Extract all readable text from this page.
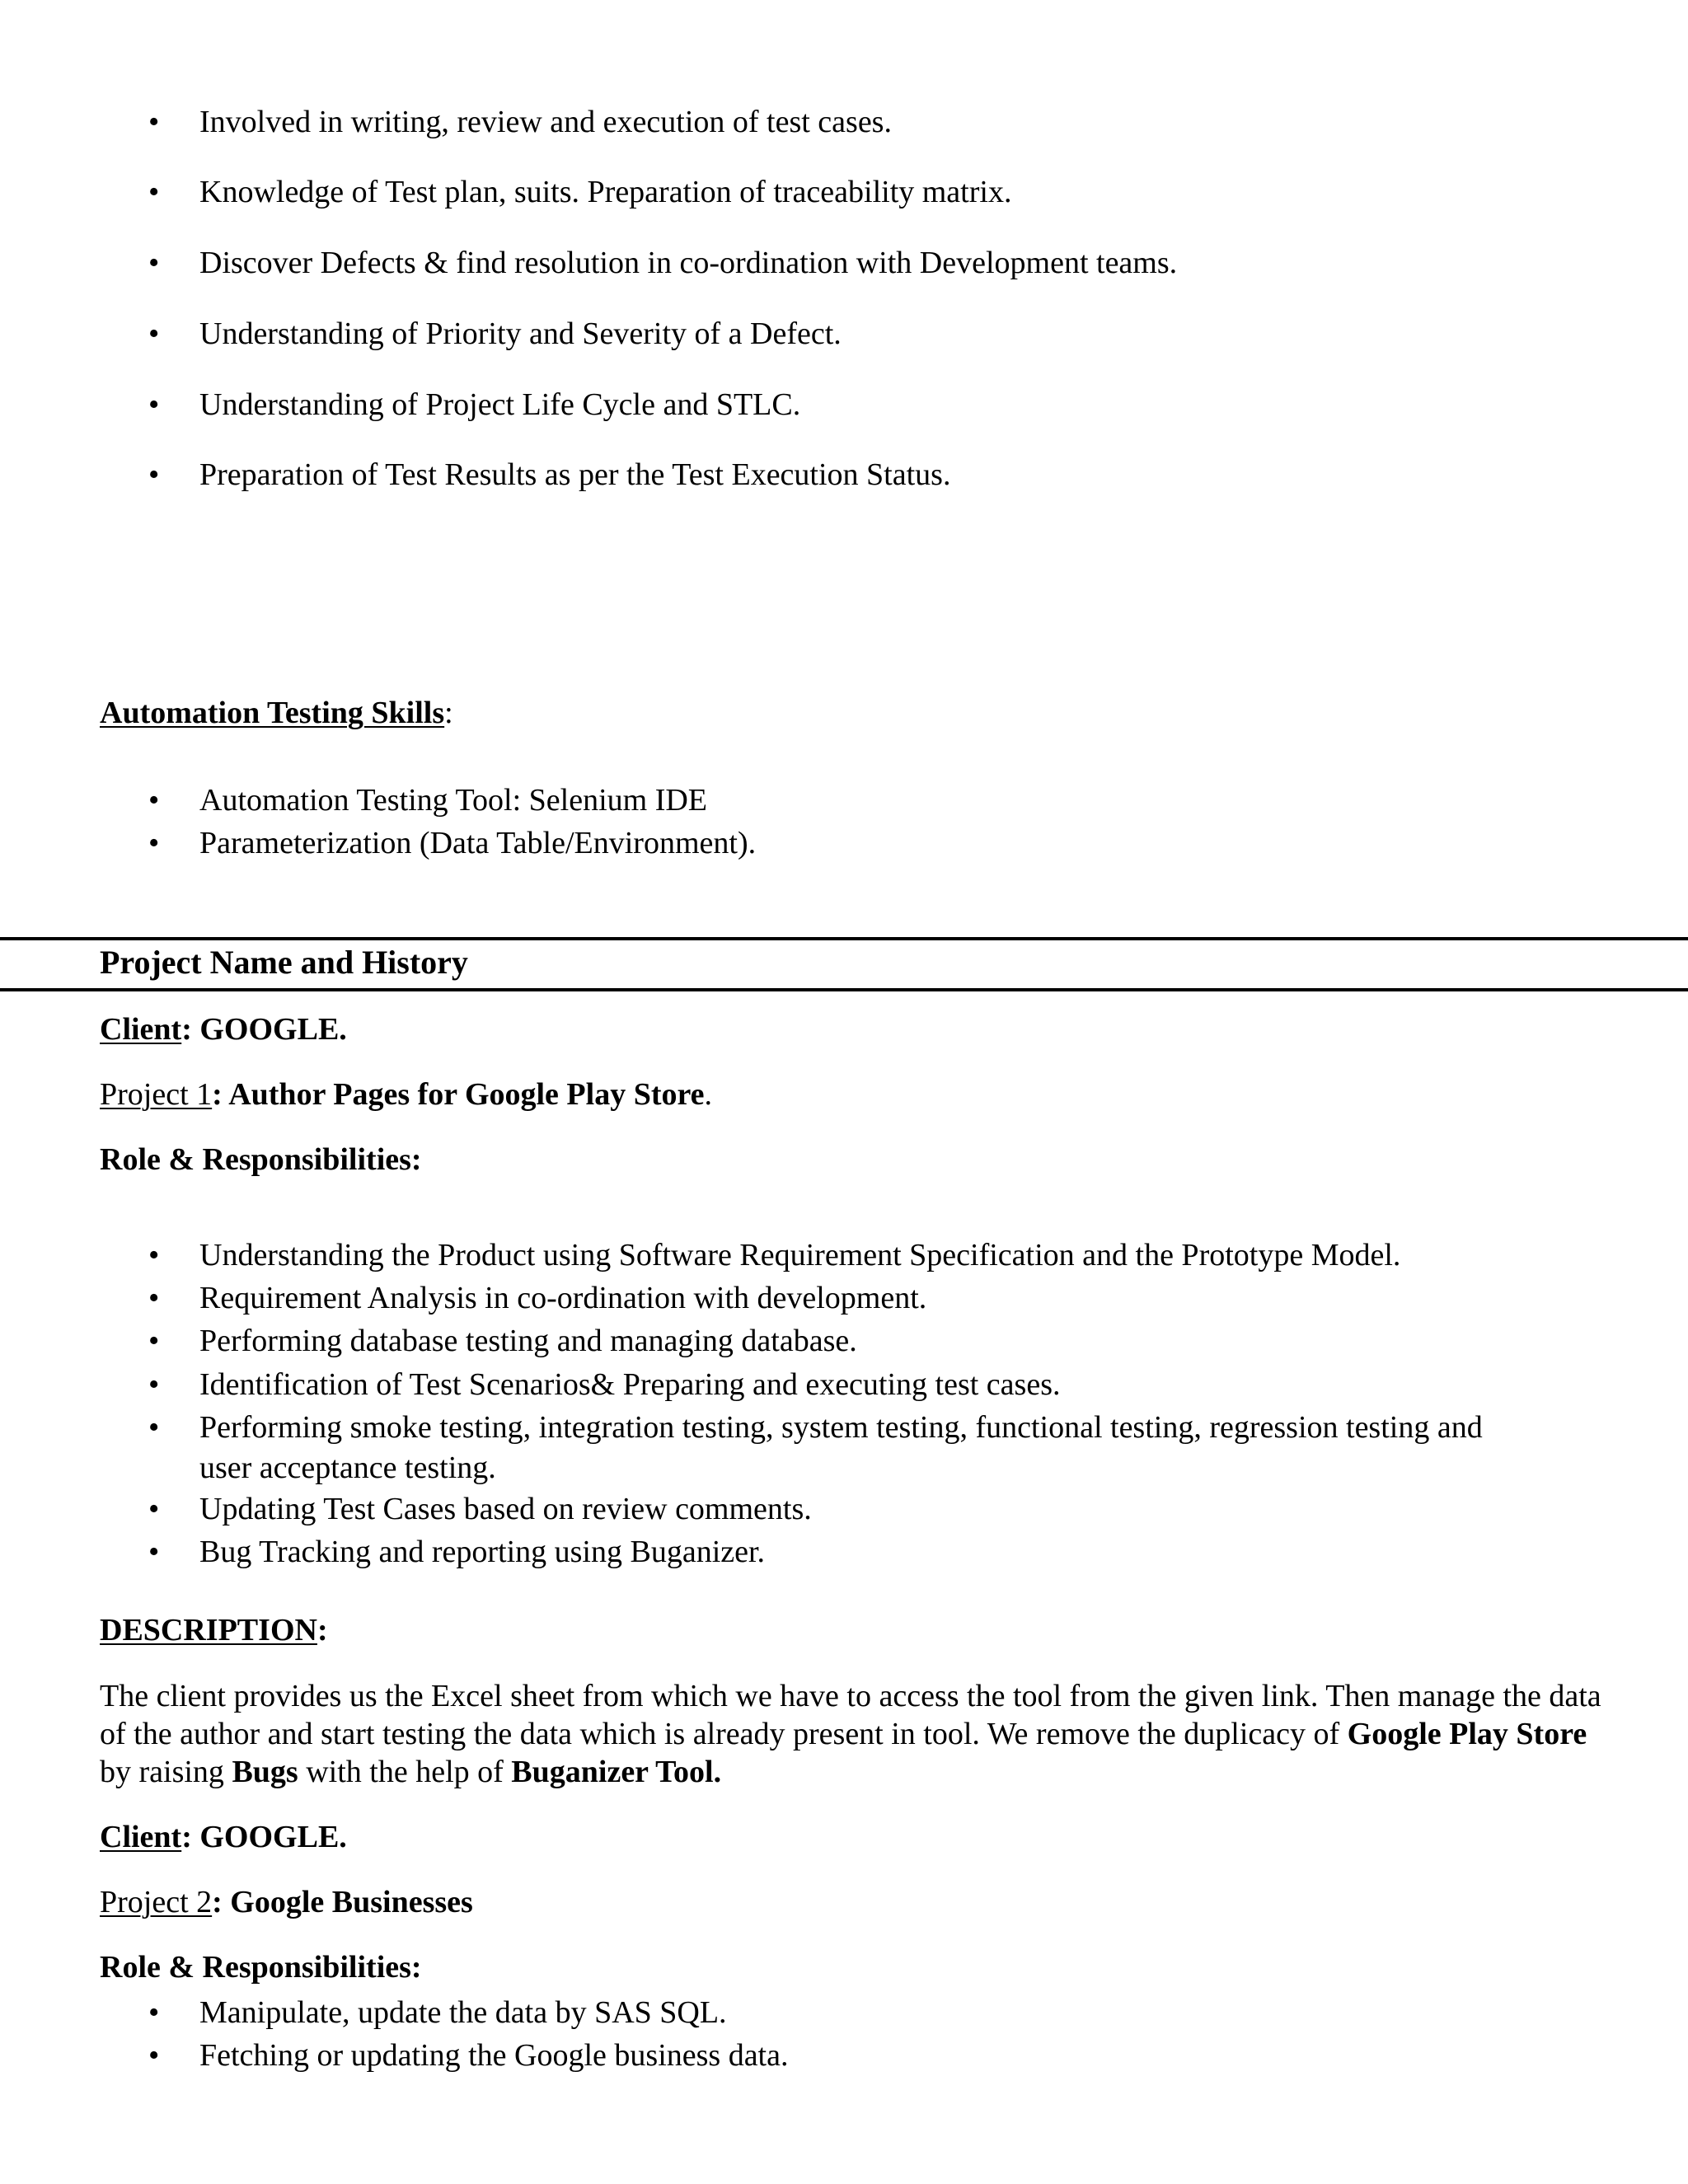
• Involved in writing, review and execution of test cases.
• Knowledge of Test plan, suits. Preparation of traceability matrix.
• Discover Defects & find resolution in co-ordination with Development teams.
• Understanding of Priority and Severity of a Defect.
• Understanding of Project Life Cycle and STLC.
• Preparation of Test Results as per the Test Execution Status.
Automation Testing Skills:
• Automation Testing Tool: Selenium IDE
• Parameterization (Data Table/Environment).
Project Name and History
Client: GOOGLE.
Project 1: Author Pages for Google Play Store.
Role & Responsibilities:
• Understanding the Product using Software Requirement Specification and the Prototype Model.
• Requirement Analysis in co-ordination with development.
• Performing database testing and managing database.
• Identification of Test Scenarios& Preparing and executing test cases.
• Performing smoke testing, integration testing, system testing, functional testing, regression testing and
user acceptance testing.
• Updating Test Cases based on review comments.
• Bug Tracking and reporting using Buganizer.
DESCRIPTION:
The client provides us the Excel sheet from which we have to access the tool from the given link. Then manage the data of the author and start testing the data which is already present in tool. We remove the duplicacy of Google Play Store by raising Bugs with the help of Buganizer Tool.
Client: GOOGLE.
Project 2: Google Businesses
Role & Responsibilities:
• Manipulate, update the data by SAS SQL.
• Fetching or updating the Google business data.
